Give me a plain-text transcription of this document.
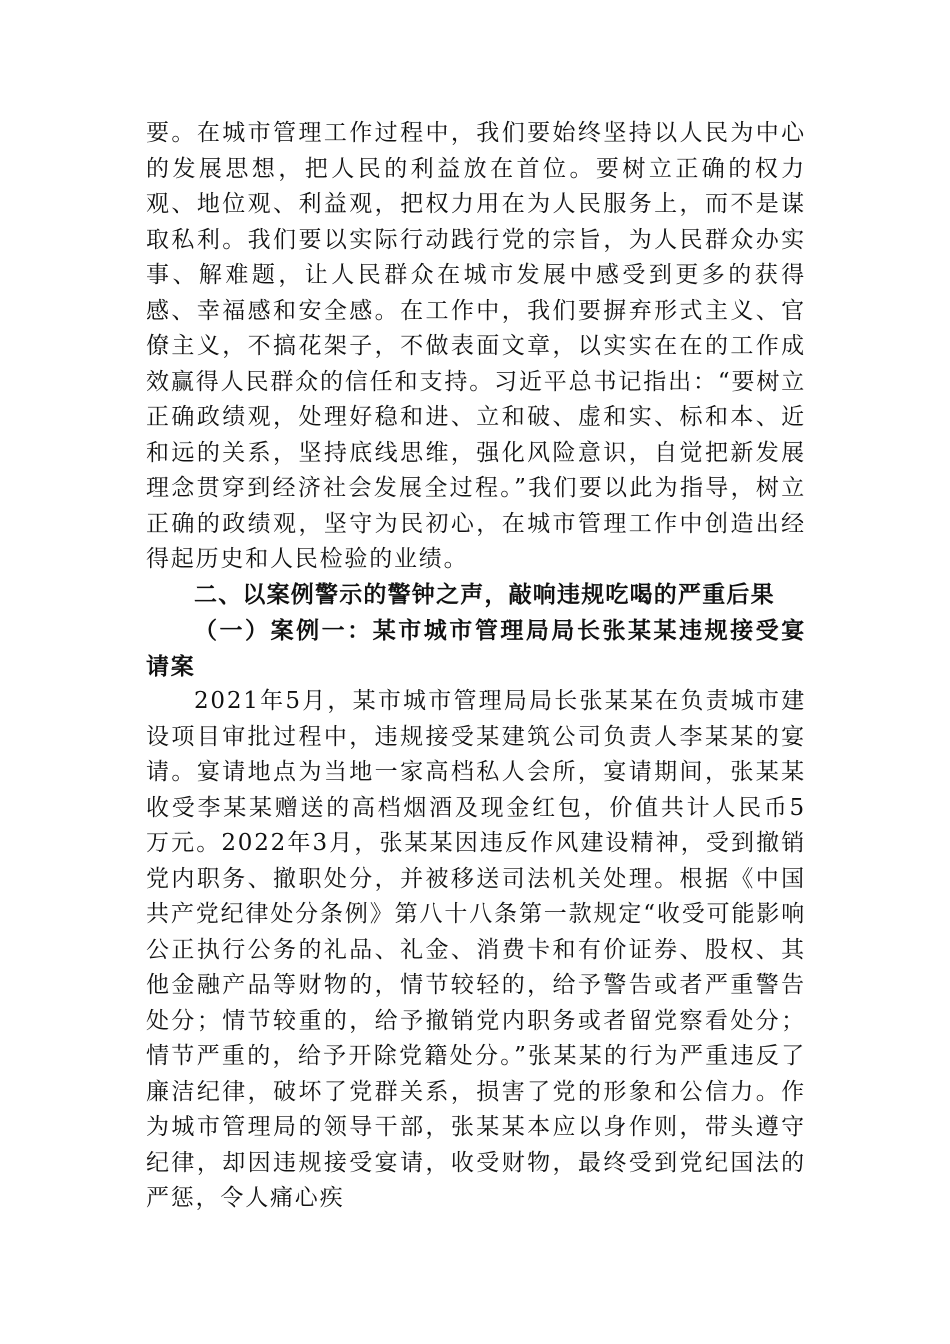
要。在城市管理工作过程中，我们要始终坚持以人民为中心的发展思想，把人民的利益放在首位。要树立正确的权力观、地位观、利益观，把权力用在为人民服务上，而不是谋取私利。我们要以实际行动践行党的宗旨，为人民群众办实事、解难题，让人民群众在城市发展中感受到更多的获得感、幸福感和安全感。在工作中，我们要摒弃形式主义、官僚主义，不搞花架子，不做表面文章，以实实在在的工作成效赢得人民群众的信任和支持。习近平总书记指出：“要树立正确政绩观，处理好稳和进、立和破、虚和实、标和本、近和远的关系，坚持底线思维，强化风险意识，自觉把新发展理念贯穿到经济社会发展全过程。”我们要以此为指导，树立正确的政绩观，坚守为民初心，在城市管理工作中创造出经得起历史和人民检验的业绩。

二、以案例警示的警钟之声，敲响违规吃喝的严重后果

（一）案例一：某市城市管理局局长张某某违规接受宴请案

2021年5月，某市城市管理局局长张某某在负责城市建设项目审批过程中，违规接受某建筑公司负责人李某某的宴请。宴请地点为当地一家高档私人会所，宴请期间，张某某收受李某某赠送的高档烟酒及现金红包，价值共计人民币5万元。2022年3月，张某某因违反作风建设精神，受到撤销党内职务、撤职处分，并被移送司法机关处理。根据《中国共产党纪律处分条例》第八十八条第一款规定“收受可能影响公正执行公务的礼品、礼金、消费卡和有价证券、股权、其他金融产品等财物的，情节较轻的，给予警告或者严重警告处分；情节较重的，给予撤销党内职务或者留党察看处分；情节严重的，给予开除党籍处分。”张某某的行为严重违反了廉洁纪律，破坏了党群关系，损害了党的形象和公信力。作为城市管理局的领导干部，张某某本应以身作则，带头遵守纪律，却因违规接受宴请，收受财物，最终受到党纪国法的严惩，令人痛心疾
